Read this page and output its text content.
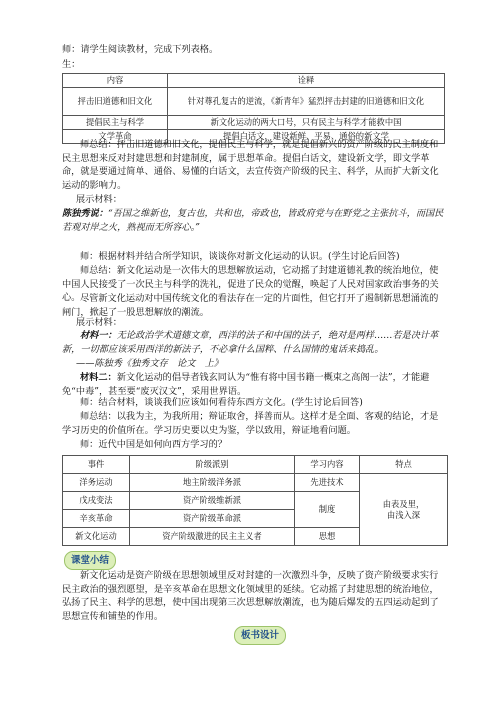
师：请学生阅读教材，完成下列表格。
生：
内容	诠释
抨击旧道德和旧文化	针对尊孔复古的逆流，《新青年》猛烈抨击封建的旧道德和旧文化
提倡民主与科学	新文化运动的两大口号，只有民主与科学才能救中国
文学革命	提倡白话文，建设新鲜、平易、通俗的新文学

师总结：抨击旧道德和旧文化，提倡民主与科学，就是提倡新兴的资产阶级的民主制度和民主思想来反对封建思想和封建制度，属于思想革命。提倡白话文，建设新文学，即文学革命，就是要通过简单、通俗、易懂的白话文，去宣传资产阶级的民主、科学，从而扩大新文化运动的影响力。

展示材料：

陈独秀说：“吾国之维新也，复古也，共和也，帝政也，皆政府党与在野党之主张抗斗，而国民若观对岸之火，熟视而无所容心。”

师：根据材料并结合所学知识，谈谈你对新文化运动的认识。(学生讨论后回答)

师总结：新文化运动是一次伟大的思想解放运动，它动摇了封建道德礼教的统治地位，使中国人民接受了一次民主与科学的洗礼，促进了民众的觉醒，唤起了人民对国家政治事务的关心。 尽管新文化运动对中国传统文化的看法存在一定的片面性，但它打开了遏制新思想涌流的闸门，掀起了一股思想解放的潮流。

展示材料：

材料一：无论政治学术道德文章，西洋的法子和中国的法子，绝对是两样……若是决计革新，一切都应该采用西洋的新法子，不必拿什么国粹、什么国情的鬼话来捣乱。

——陈独秀《独秀文存　论文　上》

材料二：新文化运动的倡导者钱玄同认为“惟有将中国书籍一概束之高阁一法”，才能避免“中毒”，甚至要“废灭汉文”，采用世界语。

师：结合材料，谈谈我们应该如何看待东西方文化。(学生讨论后回答)

师总结：以我为主，为我所用；辩证取舍，择善而从。这样才是全面、客观的结论，才是学习历史的价值所在。学习历史要以史为鉴，学以致用，辩证地看问题。

师：近代中国是如何向西方学习的？

事件	阶级派别	学习内容	特点
洋务运动	地主阶级洋务派	先进技术	由表及里，由浅入深
戊戌变法	资产阶级维新派	制度	
辛亥革命	资产阶级革命派		
新文化运动	资产阶级激进的民主主义者	思想	
课堂小结

新文化运动是资产阶级在思想领域里反对封建的一次激烈斗争，反映了资产阶级要求实行民主政治的强烈愿望，是辛亥革命在思想文化领域里的延续。它动摇了封建思想的统治地位，弘扬了民主、科学的思想，使中国出现第三次思想解放潮流，也为随后爆发的五四运动起到了思想宣传和铺垫的作用。

板书设计
